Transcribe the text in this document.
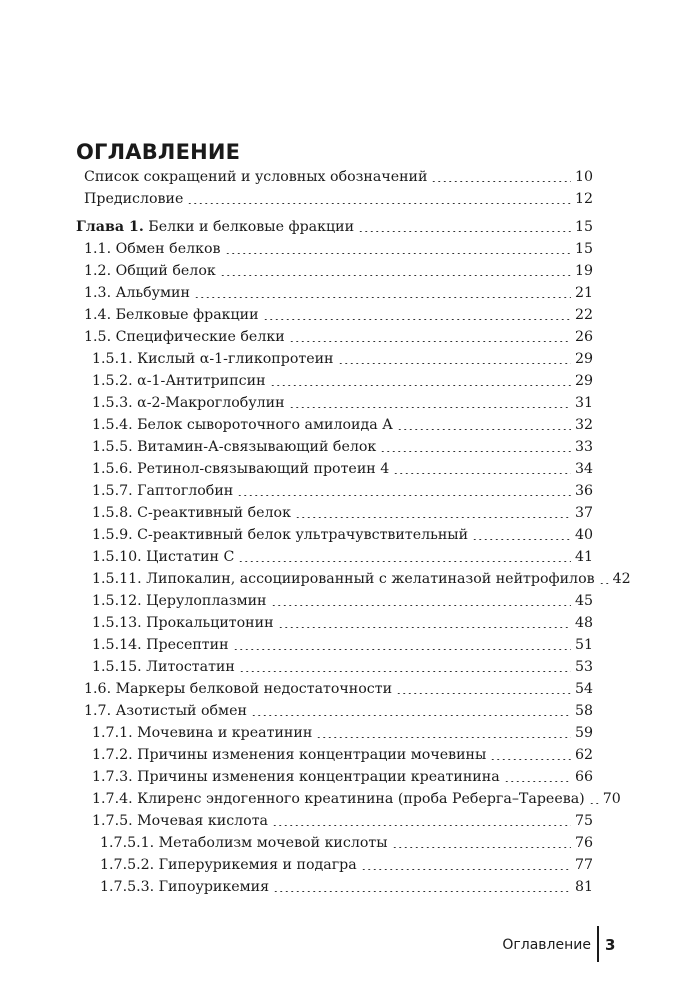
ОГЛАВЛЕНИЕ
Список сокращений и условных обозначений	10
Предисловие	12
Глава 1. Белки и белковые фракции	15
1.1. Обмен белков	15
1.2. Общий белок	19
1.3. Альбумин	21
1.4. Белковые фракции	22
1.5. Специфические белки	26
1.5.1. Кислый α-1-гликопротеин	29
1.5.2. α-1-Антитрипсин	29
1.5.3. α-2-Макроглобулин	31
1.5.4. Белок сывороточного амилоида А	32
1.5.5. Витамин-А-связывающий белок	33
1.5.6. Ретинол-связывающий протеин 4	34
1.5.7. Гаптоглобин	36
1.5.8. С-реактивный белок	37
1.5.9. С-реактивный белок ультрачувствительный	40
1.5.10. Цистатин С	41
1.5.11. Липокалин, ассоциированный с желатиназой нейтрофилов 42
1.5.12. Церулоплазмин	45
1.5.13. Прокальцитонин	48
1.5.14. Пресептин	51
1.5.15. Литостатин	53
1.6. Маркеры белковой недостаточности	54
1.7. Азотистый обмен	58
1.7.1. Мочевина и креатинин	59
1.7.2. Причины изменения концентрации мочевины	62
1.7.3. Причины изменения концентрации креатинина	66
1.7.4. Клиренс эндогенного креатинина (проба Реберга–Тареева) 70
1.7.5. Мочевая кислота	75
1.7.5.1. Метаболизм мочевой кислоты	76
1.7.5.2. Гиперурикемия и подагра	77
1.7.5.3. Гипоурикемия	81
Оглавление 3
